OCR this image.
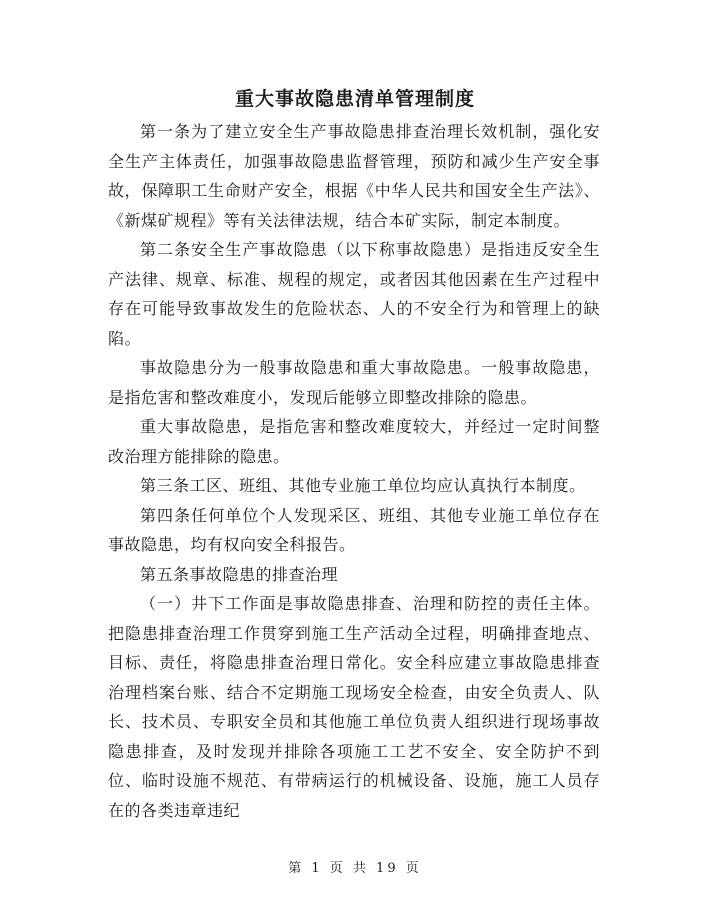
重大事故隐患清单管理制度

第一条为了建立安全生产事故隐患排查治理长效机制，强化安全生产主体责任，加强事故隐患监督管理，预防和减少生产安全事故，保障职工生命财产安全，根据《中华人民共和国安全生产法》、《新煤矿规程》等有关法律法规，结合本矿实际，制定本制度。

第二条安全生产事故隐患（以下称事故隐患）是指违反安全生产法律、规章、标准、规程的规定，或者因其他因素在生产过程中存在可能导致事故发生的危险状态、人的不安全行为和管理上的缺陷。

事故隐患分为一般事故隐患和重大事故隐患。一般事故隐患，是指危害和整改难度小，发现后能够立即整改排除的隐患。

重大事故隐患，是指危害和整改难度较大，并经过一定时间整改治理方能排除的隐患。

第三条工区、班组、其他专业施工单位均应认真执行本制度。

第四条任何单位个人发现采区、班组、其他专业施工单位存在事故隐患，均有权向安全科报告。

第五条事故隐患的排查治理

（一）井下工作面是事故隐患排查、治理和防控的责任主体。把隐患排查治理工作贯穿到施工生产活动全过程，明确排查地点、目标、责任，将隐患排查治理日常化。安全科应建立事故隐患排查治理档案台账、结合不定期施工现场安全检查，由安全负责人、队长、技术员、专职安全员和其他施工单位负责人组织进行现场事故隐患排查，及时发现并排除各项施工工艺不安全、安全防护不到位、临时设施不规范、有带病运行的机械设备、设施，施工人员存在的各类违章违纪

第 1 页 共 19 页
